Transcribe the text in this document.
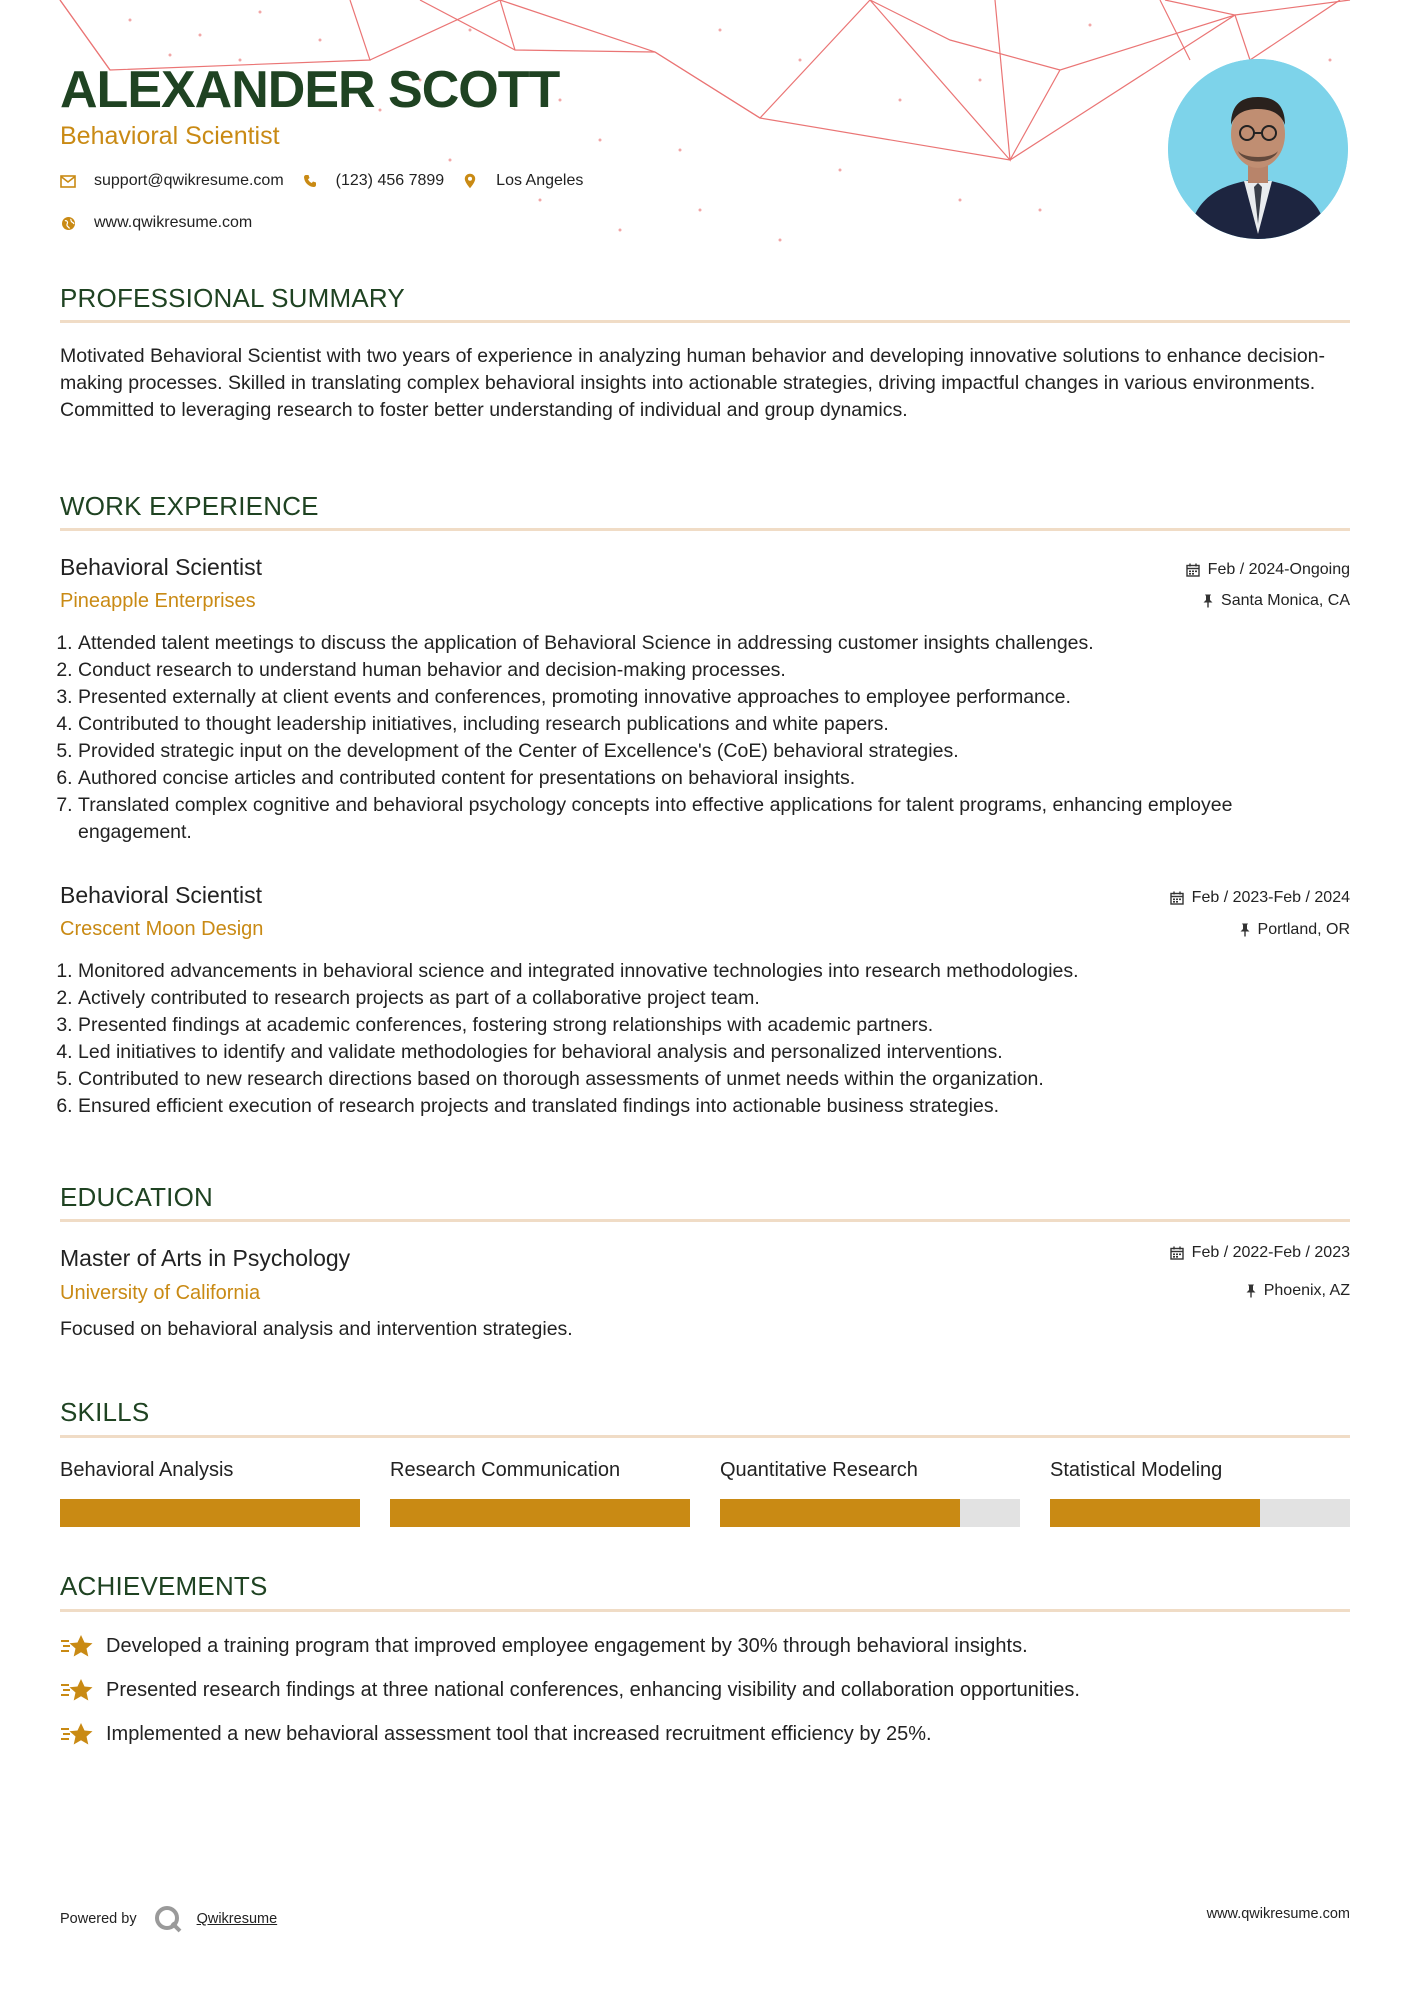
ALEXANDER SCOTT
Behavioral Scientist
support@qwikresume.com	(123) 456 7899	Los Angeles
www.qwikresume.com
PROFESSIONAL SUMMARY
Motivated Behavioral Scientist with two years of experience in analyzing human behavior and developing innovative solutions to enhance decision-making processes. Skilled in translating complex behavioral insights into actionable strategies, driving impactful changes in various environments. Committed to leveraging research to foster better understanding of individual and group dynamics.
WORK EXPERIENCE
Behavioral Scientist	Feb / 2024-Ongoing
Pineapple Enterprises	Santa Monica, CA
1. Attended talent meetings to discuss the application of Behavioral Science in addressing customer insights challenges.
2. Conduct research to understand human behavior and decision-making processes.
3. Presented externally at client events and conferences, promoting innovative approaches to employee performance.
4. Contributed to thought leadership initiatives, including research publications and white papers.
5. Provided strategic input on the development of the Center of Excellence's (CoE) behavioral strategies.
6. Authored concise articles and contributed content for presentations on behavioral insights.
7. Translated complex cognitive and behavioral psychology concepts into effective applications for talent programs, enhancing employee engagement.
Behavioral Scientist	Feb / 2023-Feb / 2024
Crescent Moon Design	Portland, OR
1. Monitored advancements in behavioral science and integrated innovative technologies into research methodologies.
2. Actively contributed to research projects as part of a collaborative project team.
3. Presented findings at academic conferences, fostering strong relationships with academic partners.
4. Led initiatives to identify and validate methodologies for behavioral analysis and personalized interventions.
5. Contributed to new research directions based on thorough assessments of unmet needs within the organization.
6. Ensured efficient execution of research projects and translated findings into actionable business strategies.
EDUCATION
Master of Arts in Psychology	Feb / 2022-Feb / 2023
University of California	Phoenix, AZ
Focused on behavioral analysis and intervention strategies.
SKILLS
Behavioral Analysis	Research Communication	Quantitative Research	Statistical Modeling
ACHIEVEMENTS
Developed a training program that improved employee engagement by 30% through behavioral insights.
Presented research findings at three national conferences, enhancing visibility and collaboration opportunities.
Implemented a new behavioral assessment tool that increased recruitment efficiency by 25%.
Powered by	Qwikresume	www.qwikresume.com
